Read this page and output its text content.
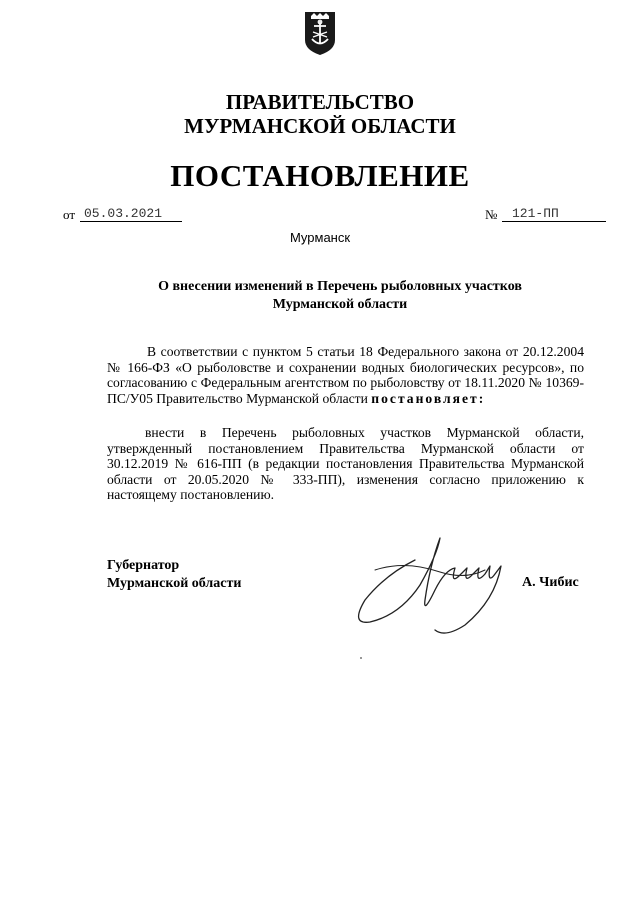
ПРАВИТЕЛЬСТВО
МУРМАНСКОЙ ОБЛАСТИ
ПОСТАНОВЛЕНИЕ
от 05.03.2021	№	121-ПП
Мурманск
О внесении изменений в Перечень рыболовных участков
Мурманской области
В соответствии с пунктом 5 статьи 18 Федерального закона от 20.12.2004 № 166-ФЗ «О рыболовстве и сохранении водных биологических ресурсов», по согласованию с Федеральным агентством по рыболовству от 18.11.2020 № 10369-ПС/У05 Правительство Мурманской области постановляет:
внести в Перечень рыболовных участков Мурманской области, утвержденный постановлением Правительства Мурманской области от 30.12.2019 № 616-ПП (в редакции постановления Правительства Мурманской области от 20.05.2020 № 333-ПП), изменения согласно приложению к настоящему постановлению.
Губернатор
Мурманской области	А. Чибис
